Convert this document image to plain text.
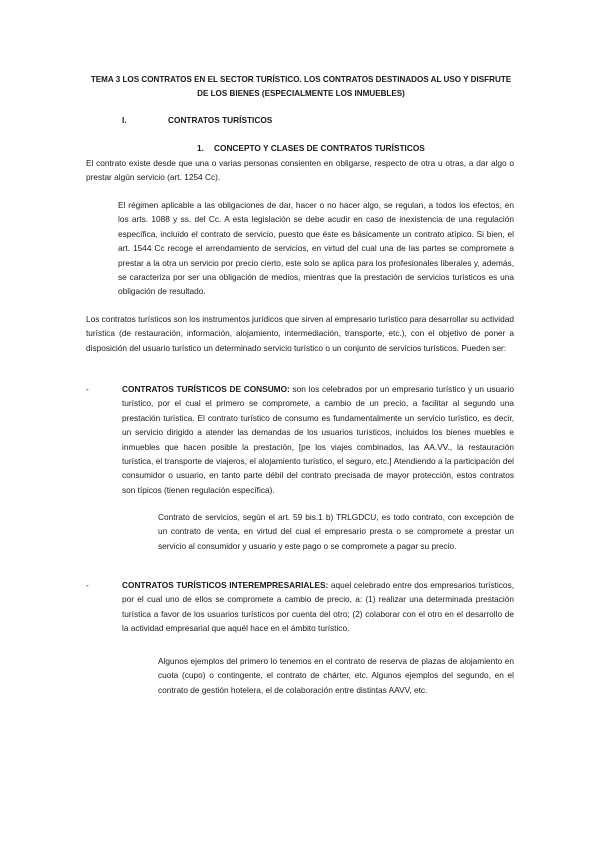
TEMA 3 LOS CONTRATOS EN EL SECTOR TURÍSTICO. LOS CONTRATOS DESTINADOS AL USO Y DISFRUTE DE LOS BIENES (ESPECIALMENTE LOS INMUEBLES)
I.	CONTRATOS TURÍSTICOS
1. CONCEPTO Y CLASES DE CONTRATOS TURÍSTICOS

El contrato existe desde que una o varias personas consienten en obligarse, respecto de otra u otras, a dar algo o prestar algún servicio (art. 1254 Cc).

El régimen aplicable a las obligaciones de dar, hacer o no hacer algo, se regulan, a todos los efectos, en los arts. 1088 y ss. del Cc. A esta legislación se debe acudir en caso de inexistencia de una regulación específica, incluido el contrato de servicio, puesto que éste es básicamente un contrato atípico. Si bien, el art. 1544 Cc recoge el arrendamiento de servicios, en virtud del cual una de las partes se compromete a prestar a la otra un servicio por precio cierto, este solo se aplica para los profesionales liberales y, además, se caracteriza por ser una obligación de medios, mientras que la prestación de servicios turísticos es una obligación de resultado.

Los contratos turísticos son los instrumentos jurídicos que sirven al empresario turístico para desarrollar su actividad turística (de restauración, información, alojamiento, intermediación, transporte, etc.), con el objetivo de poner a disposición del usuario turístico un determinado servicio turístico o un conjunto de servicios turísticos. Pueden ser:

-	CONTRATOS TURÍSTICOS DE CONSUMO: son los celebrados por un empresario turístico y un usuario turístico, por el cual el primero se compromete, a cambio de un precio, a facilitar al segundo una prestación turística. El contrato turístico de consumo es fundamentalmente un servicio turístico, es decir, un servicio dirigido a atender las demandas de los usuarios turísticos, incluidos los bienes muebles e inmuebles que hacen posible la prestación, [pe los viajes combinados, las AA.VV., la restauración turística, el transporte de viajeros, el alojamiento turístico, el seguro, etc.] Atendiendo a la participación del consumidor o usuario, en tanto parte débil del contrato precisada de mayor protección, estos contratos son típicos (tienen regulación específica).

Contrato de servicios, según el art. 59 bis.1 b) TRLGDCU, es todo contrato, con excepción de un contrato de venta, en virtud del cual el empresario presta o se compromete a prestar un servicio al consumidor y usuario y este pago o se compromete a pagar su precio.

-	CONTRATOS TURÍSTICOS INTEREMPRESARIALES: aquel celebrado entre dos empresarios turísticos, por el cual uno de ellos se compromete a cambio de precio, a: (1) realizar una determinada prestación turística a favor de los usuarios turísticos por cuenta del otro; (2) colaborar con el otro en el desarrollo de la actividad empresarial que aquél hace en el ámbito turístico.

Algunos ejemplos del primero lo tenemos en el contrato de reserva de plazas de alojamiento en cuota (cupo) o contingente, el contrato de chárter, etc. Algunos ejemplos del segundo, en el contrato de gestión hotelera, el de colaboración entre distintas AAVV, etc.
